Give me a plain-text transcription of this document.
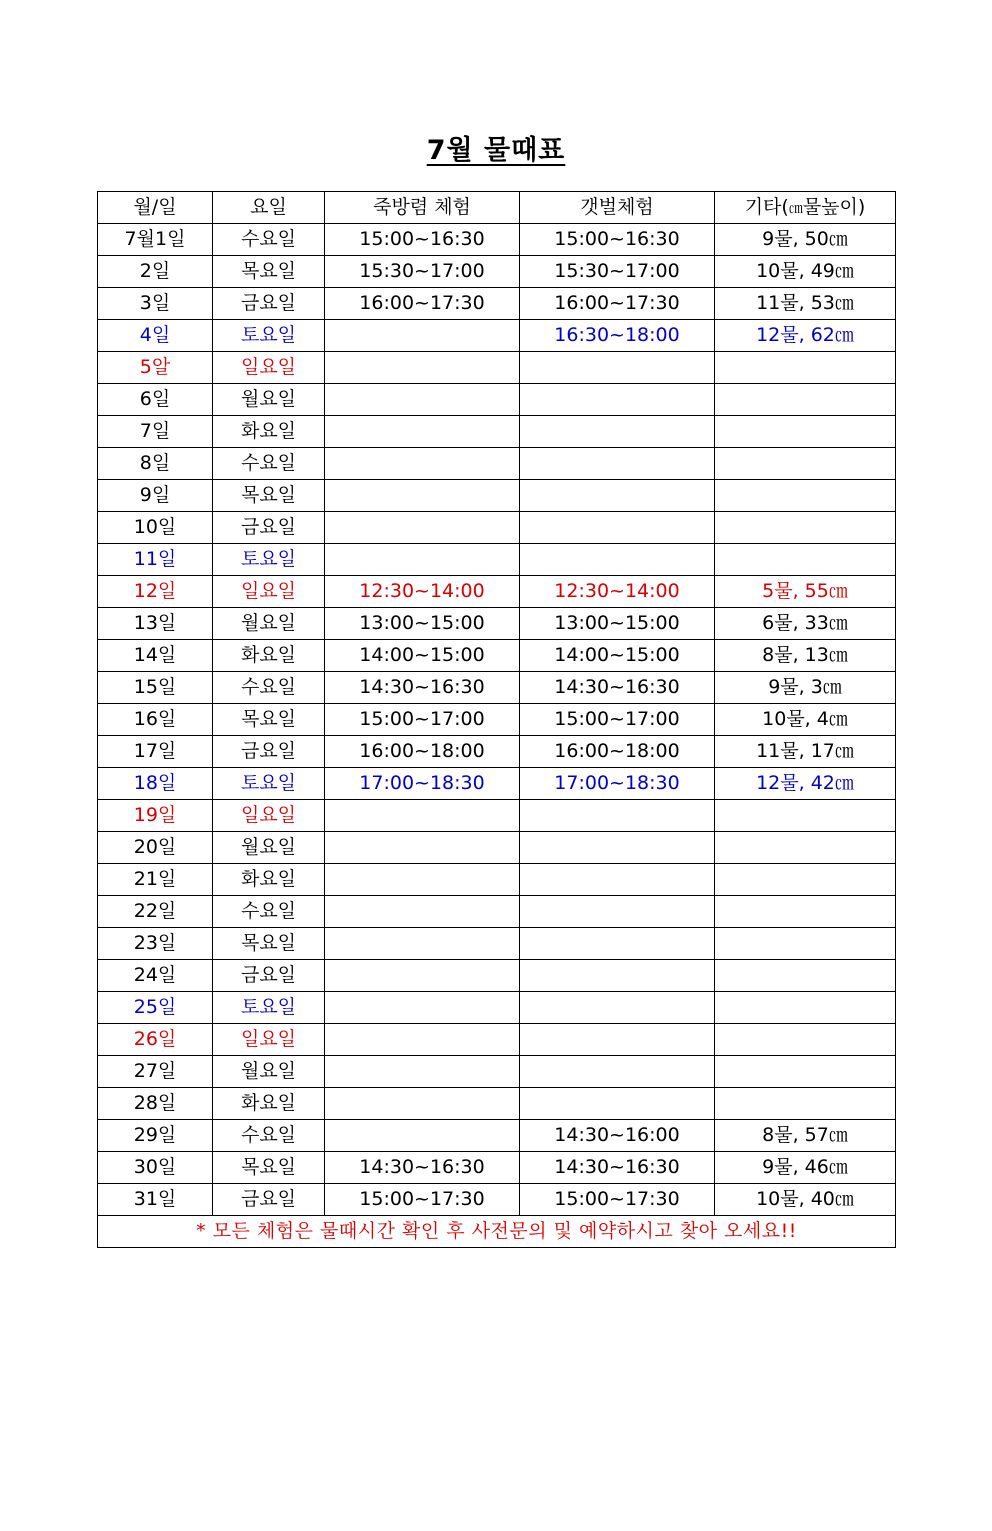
7월 물때표
월/일	요일	죽방렴 체험	갯벌체험	기타(㎝물높이)
7월1일	수요일	15:00~16:30	15:00~16:30	9물, 50㎝
2일	목요일	15:30~17:00	15:30~17:00	10물, 49㎝
3일	금요일	16:00~17:30	16:00~17:30	11물, 53㎝
4일	토요일		16:30~18:00	12물, 62㎝
5알	일요일			
6일	월요일			
7일	화요일			
8일	수요일			
9일	목요일			
10일	금요일			
11일	토요일			
12일	일요일	12:30~14:00	12:30~14:00	5물, 55㎝
13일	월요일	13:00~15:00	13:00~15:00	6물, 33㎝
14일	화요일	14:00~15:00	14:00~15:00	8물, 13㎝
15일	수요일	14:30~16:30	14:30~16:30	9물, 3㎝
16일	목요일	15:00~17:00	15:00~17:00	10물, 4㎝
17일	금요일	16:00~18:00	16:00~18:00	11물, 17㎝
18일	토요일	17:00~18:30	17:00~18:30	12물, 42㎝
19일	일요일			
20일	월요일			
21일	화요일			
22일	수요일			
23일	목요일			
24일	금요일			
25일	토요일			
26일	일요일			
27일	월요일			
28일	화요일			
29일	수요일		14:30~16:00	8물, 57㎝
30일	목요일	14:30~16:30	14:30~16:30	9물, 46㎝
31일	금요일	15:00~17:30	15:00~17:30	10물, 40㎝
* 모든 체험은 물때시간 확인 후 사전문의 및 예약하시고 찾아 오세요!!				
